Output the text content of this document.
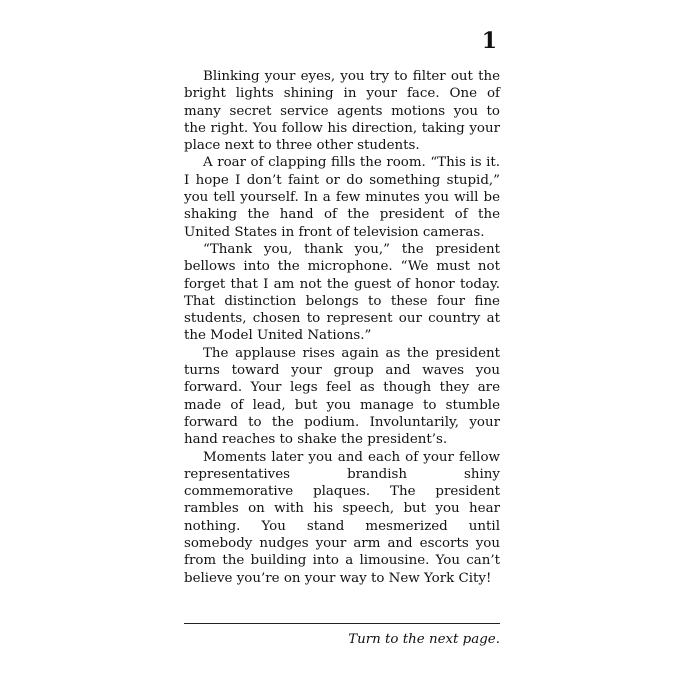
1

Blinking your eyes, you try to filter out the bright lights shining in your face. One of many secret service agents motions you to the right. You follow his direction, taking your place next to three other students.

A roar of clapping fills the room. “This is it. I hope I don’t faint or do something stupid,” you tell yourself. In a few minutes you will be shaking the hand of the president of the United States in front of television cameras.

“Thank you, thank you,” the president bellows into the microphone. “We must not forget that I am not the guest of honor today. That distinction belongs to these four fine students, chosen to represent our country at the Model United Nations.”

The applause rises again as the president turns toward your group and waves you forward. Your legs feel as though they are made of lead, but you manage to stumble forward to the podium. Involuntarily, your hand reaches to shake the president’s.

Moments later you and each of your fellow representatives brandish shiny commemorative plaques. The president rambles on with his speech, but you hear nothing. You stand mesmerized until somebody nudges your arm and escorts you from the building into a limousine. You can’t believe you’re on your way to New York City!

Turn to the next page.
